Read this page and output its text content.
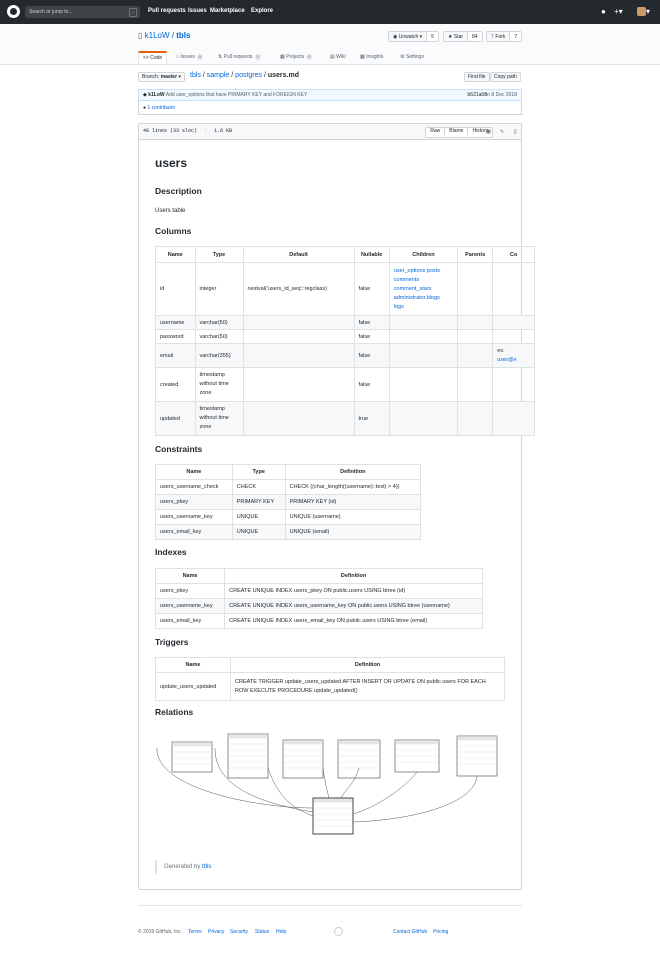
Search or jump to...	/	Pull requests Issues Marketplace Explore	● +▾	▾
▯ k1LoW / tbls	◉ Unwatch ▾ 5	★ Star 84	ᛉ Fork 7
<> Code	○ Issues 0	⇅ Pull requests 1	▦ Projects 0	▤ Wiki	▩ Insights	⚙ Settings
Branch: master ▾	tbls / sample / postgres / users.md	Find file	Copy path
◆ k1LoW Add user_options that have PRIMARY KEY and FOREIGN KEY	b621a66
on 8 Dec 2018
● 1 contributor
48 lines (33 sloc) | 1.6 KB	Raw Blame History
▣ ✎ ▯
users
Description
Users table
Columns
Name	Type	Default	Nullable	Children	Parents	Co
id	integer	nextval('users_id_seq'::regclass)	false	user_options posts
comments
comment_stars
administrator.blogs
logs		
username	varchar(50)		false			
password	varchar(50)		false			
email	varchar(355)		false			ex.
user@e
created	timestamp without time zone		false			
updated	timestamp without time zone		true			
Constraints
Name	Type	Definition
users_username_check	CHECK	CHECK ((char_length((username)::text) > 4))
users_pkey	PRIMARY KEY	PRIMARY KEY (id)
users_username_key	UNIQUE	UNIQUE (username)
users_email_key	UNIQUE	UNIQUE (email)
Indexes
Name	Definition
users_pkey	CREATE UNIQUE INDEX users_pkey ON public.users USING btree (id)
users_username_key	CREATE UNIQUE INDEX users_username_key ON public.users USING btree (username)
users_email_key	CREATE UNIQUE INDEX users_email_key ON public.users USING btree (email)
Triggers
Name	Definition
update_users_updated	CREATE TRIGGER update_users_updated AFTER INSERT OR UPDATE ON public.users FOR EACH ROW EXECUTE PROCEDURE update_updated()
Relations
Generated by tbls
© 2019 GitHub, Inc. Terms Privacy Security Status Help	Contact GitHub Pricing
